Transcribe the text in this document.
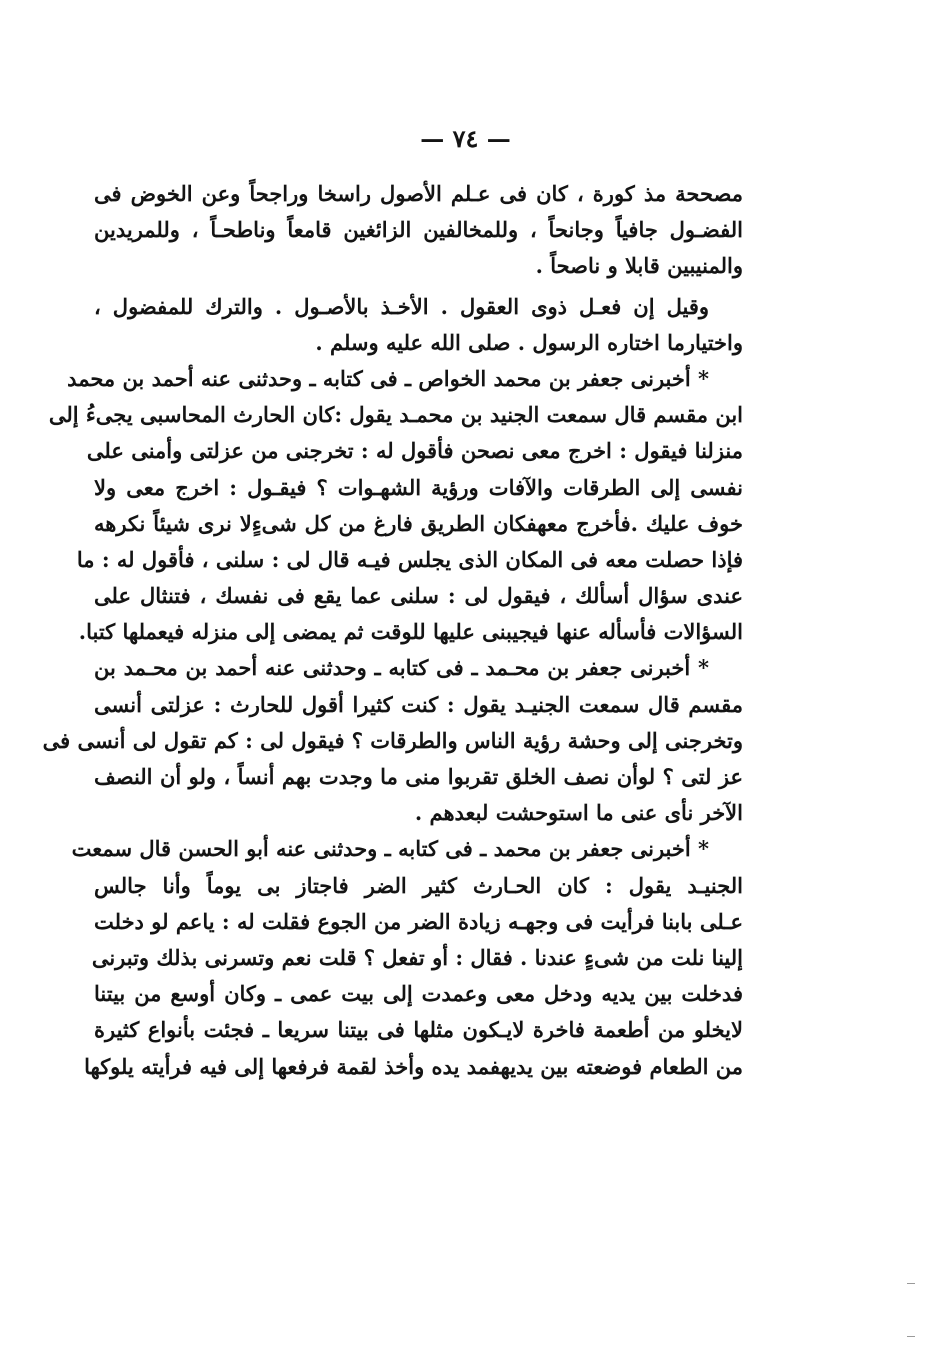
— ٧٤ —
مصححة مذ كورة ، كان فى عـلم الأصول راسخا وراجحاً وعن الخوض فى
الفضـول جافياً وجانحاً ، وللمخالفين الزائغين قامعاً وناطحـاً ، وللمريدين
والمنيبين قابلا و ناصحاً .
وقيل إن فعـل ذوى العقول . الأخـذ بالأصـول . والترك للمفضول ،
واختيارما اختاره الرسول . صلى الله عليه وسلم .
* أخبرنى جعفر بن محمد الخواص ـ فى كتابه ـ وحدثنى عنه أحمد بن محمد
ابن مقسم قال سمعت الجنيد بن محمـد يقول :كان الحارث المحاسبى يجىءُ إلى
منزلنا فيقول : اخرج معى نصحن فأقول له : تخرجنى من عزلتى وأمنى على
نفسى إلى الطرقات والآفات ورؤية الشهـوات ؟ فيقـول : اخرج معى ولا
خوف عليك .فأخرج معهفكان الطريق فارغ من كل شىءٍلا نرى شيئاً نكرهه
فإذا حصلت معه فى المكان الذى يجلس فيـه قال لى : سلنى ، فأقول له : ما
عندى سؤال أسألك ، فيقول لى : سلنى عما يقع فى نفسك ، فتنثال على
السؤالات فأسأله عنها فيجيبنى عليها للوقت ثم يمضى إلى منزله فيعملها كتبا.
* أخبرنى جعفر بن محـمد ـ فى كتابه ـ وحدثنى عنه أحمد بن محـمد بن
مقسم قال سمعت الجنيـد يقول : كنت كثيرا أقول للحارث : عزلتى أنسى
وتخرجنى إلى وحشة رؤية الناس والطرقات ؟ فيقول لى : كم تقول لى أنسى فى
عز لتى ؟ لوأن نصف الخلق تقربوا منى ما وجدت بهم أنساً ، ولو أن النصف
الآخر نأى عنى ما استوحشت لبعدهم .
* أخبرنى جعفر بن محمد ـ فى كتابه ـ وحدثنى عنه أبو الحسن قال سمعت
الجنيـد يقول : كان الحـارث كثير الضر فاجتاز بى يوماً وأنا جالس
عـلى بابنا فرأيت فى وجهـه زيادة الضر من الجوع فقلت له : ياعم لو دخلت
إلينا نلت من شىءٍ عندنا . فقال : أو تفعل ؟ قلت نعم وتسرنى بذلك وتبرنى
فدخلت بين يديه ودخل معى وعمدت إلى بيت عمى ـ وكان أوسع من بيتنا
لايخلو من أطعمة فاخرة لايـكون مثلها فى بيتنا سريعا ـ فجئت بأنواع كثيرة
من الطعام فوضعته بين يديهفمد يده وأخذ لقمة فرفعها إلى فيه فرأيته يلوكها
